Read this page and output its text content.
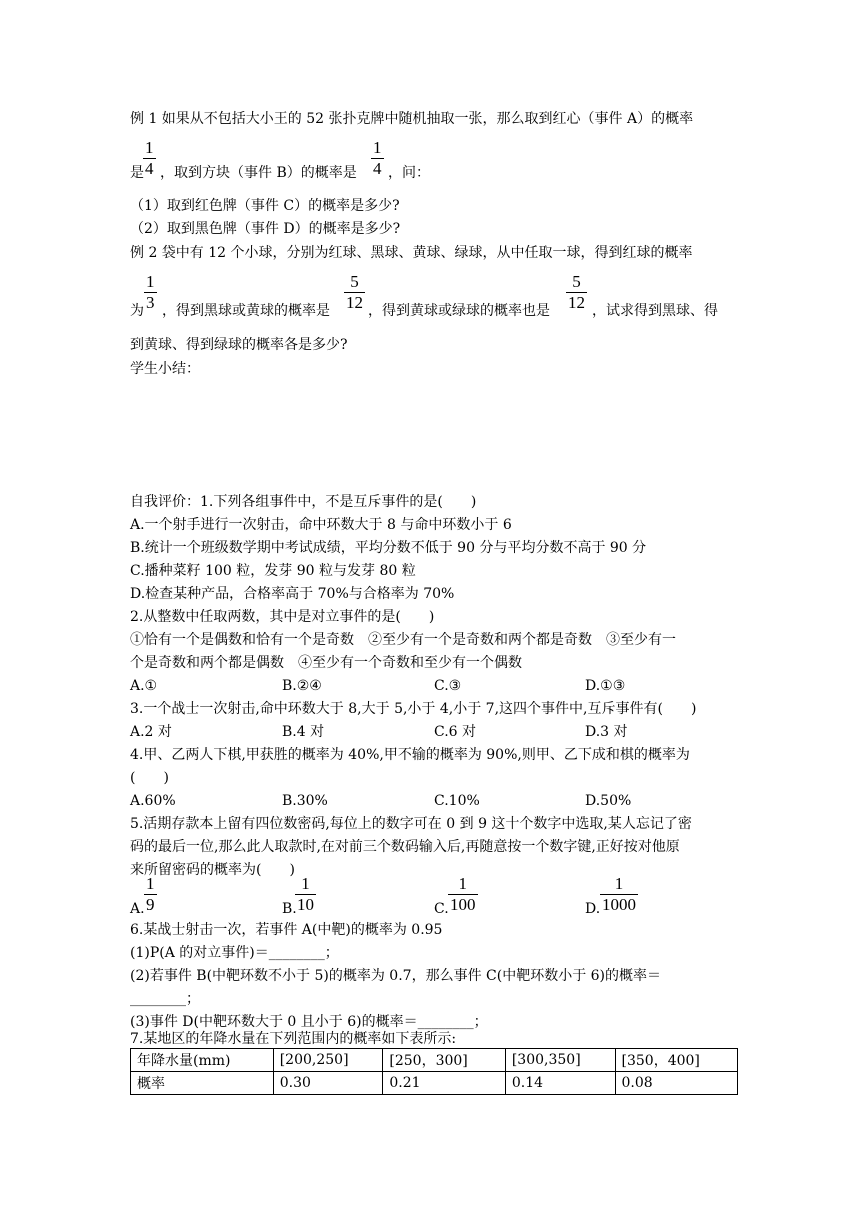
例 1 如果从不包括大小王的 52 张扑克牌中随机抽取一张，那么取到红心（事件 A）的概率
是 $\frac{1}{4}$ ，取到方块（事件 B）的概率是 $\frac{1}{4}$ ，问：
（1）取到红色牌（事件 C）的概率是多少?
（2）取到黑色牌（事件 D）的概率是多少?
例 2 袋中有 12 个小球，分别为红球、黑球、黄球、绿球，从中任取一球，得到红球的概率
为 $\frac{1}{3}$ ，得到黑球或黄球的概率是 $\frac{5}{12}$ ，得到黄球或绿球的概率也是 $\frac{5}{12}$ ，试求得到黑球、得
到黄球、得到绿球的概率各是多少?
学生小结：
自我评价：1.下列各组事件中，不是互斥事件的是(　　)
A.一个射手进行一次射击，命中环数大于 8 与命中环数小于 6
B.统计一个班级数学期中考试成绩，平均分数不低于 90 分与平均分数不高于 90 分
C.播种菜籽 100 粒，发芽 90 粒与发芽 80 粒
D.检查某种产品，合格率高于 70%与合格率为 70%
2.从整数中任取两数，其中是对立事件的是(　　)
①恰有一个是偶数和恰有一个是奇数　②至少有一个是奇数和两个都是奇数　③至少有一
个是奇数和两个都是偶数　④至少有一个奇数和至少有一个偶数
A.①	B.②④	C.③	D.①③
3.一个战士一次射击,命中环数大于 8,大于 5,小于 4,小于 7,这四个事件中,互斥事件有(　　)
A.2 对	B.4 对	C.6 对	D.3 对
4.甲、乙两人下棋,甲获胜的概率为 40%,甲不输的概率为 90%,则甲、乙下成和棋的概率为
(　　)
A.60%	B.30%	C.10%	D.50%
5.活期存款本上留有四位数密码,每位上的数字可在 0 到 9 这十个数字中选取,某人忘记了密
码的最后一位,那么此人取款时,在对前三个数码输入后,再随意按一个数字键,正好按对他原
来所留密码的概率为(　　)
A. $\frac{1}{9}$	B.
$\frac{1}{10}$	C. $\frac{1}{100}$	D. $\frac{1}{1000}$
6.某战士射击一次，若事件 A(中靶)的概率为 0.95
(1)P(A 的对立事件)＝________；
(2)若事件 B(中靶环数不小于 5)的概率为 0.7，那么事件 C(中靶环数小于 6)的概率＝
________；
(3)事件 D(中靶环数大于 0 且小于 6)的概率＝________；
7.某地区的年降水量在下列范围内的概率如下表所示:
年降水量(mm)	[200,250]	[250，300]	[300,350]	[350，400]
概率	0.30	0.21	0.14	0.08
